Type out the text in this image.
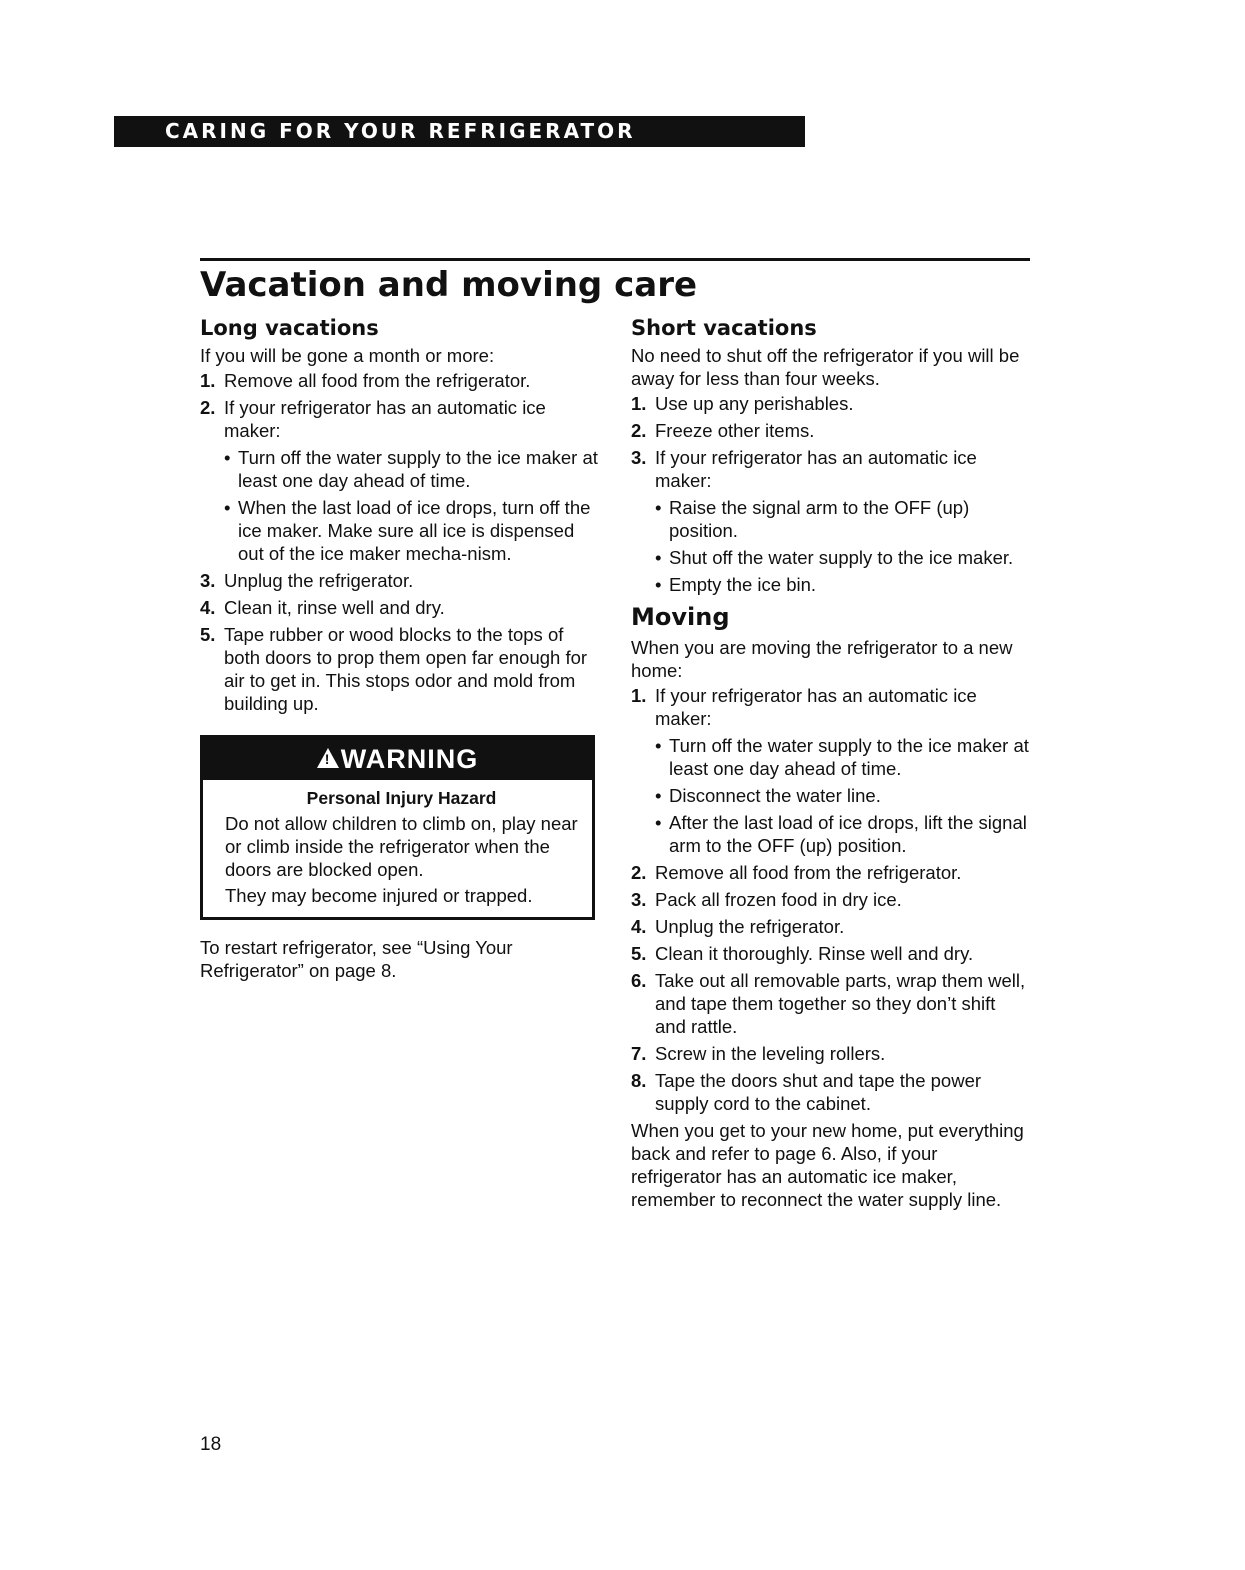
CARING FOR YOUR REFRIGERATOR
Vacation and moving care
Long vacations

If you will be gone a month or more:

1. Remove all food from the refrigerator.
2. If your refrigerator has an automatic ice maker:
• Turn off the water supply to the ice maker at least one day ahead of time.
• When the last load of ice drops, turn off the ice maker. Make sure all ice is dispensed out of the ice maker mecha-nism.
3. Unplug the refrigerator.
4. Clean it, rinse well and dry.
5. Tape rubber or wood blocks to the tops of both doors to prop them open far enough for air to get in. This stops odor and mold from building up.
! WARNING

Personal Injury Hazard

Do not allow children to climb on, play near or climb inside the refrigerator when the doors are blocked open.

They may become injured or trapped.

To restart refrigerator, see “Using Your Refrigerator” on page 8.

Short vacations

No need to shut off the refrigerator if you will be away for less than four weeks.

1. Use up any perishables.
2. Freeze other items.
3. If your refrigerator has an automatic ice maker:
• Raise the signal arm to the OFF (up) position.
• Shut off the water supply to the ice maker.
• Empty the ice bin.
Moving

When you are moving the refrigerator to a new home:

1. If your refrigerator has an automatic ice maker:
• Turn off the water supply to the ice maker at least one day ahead of time.
• Disconnect the water line.
• After the last load of ice drops, lift the signal arm to the OFF (up) position.
2. Remove all food from the refrigerator.
3. Pack all frozen food in dry ice.
4. Unplug the refrigerator.
5. Clean it thoroughly. Rinse well and dry.
6. Take out all removable parts, wrap them well, and tape them together so they don’t shift and rattle.
7. Screw in the leveling rollers.
8. Tape the doors shut and tape the power supply cord to the cabinet.

When you get to your new home, put everything back and refer to page 6. Also, if your refrigerator has an automatic ice maker, remember to reconnect the water supply line.

18
